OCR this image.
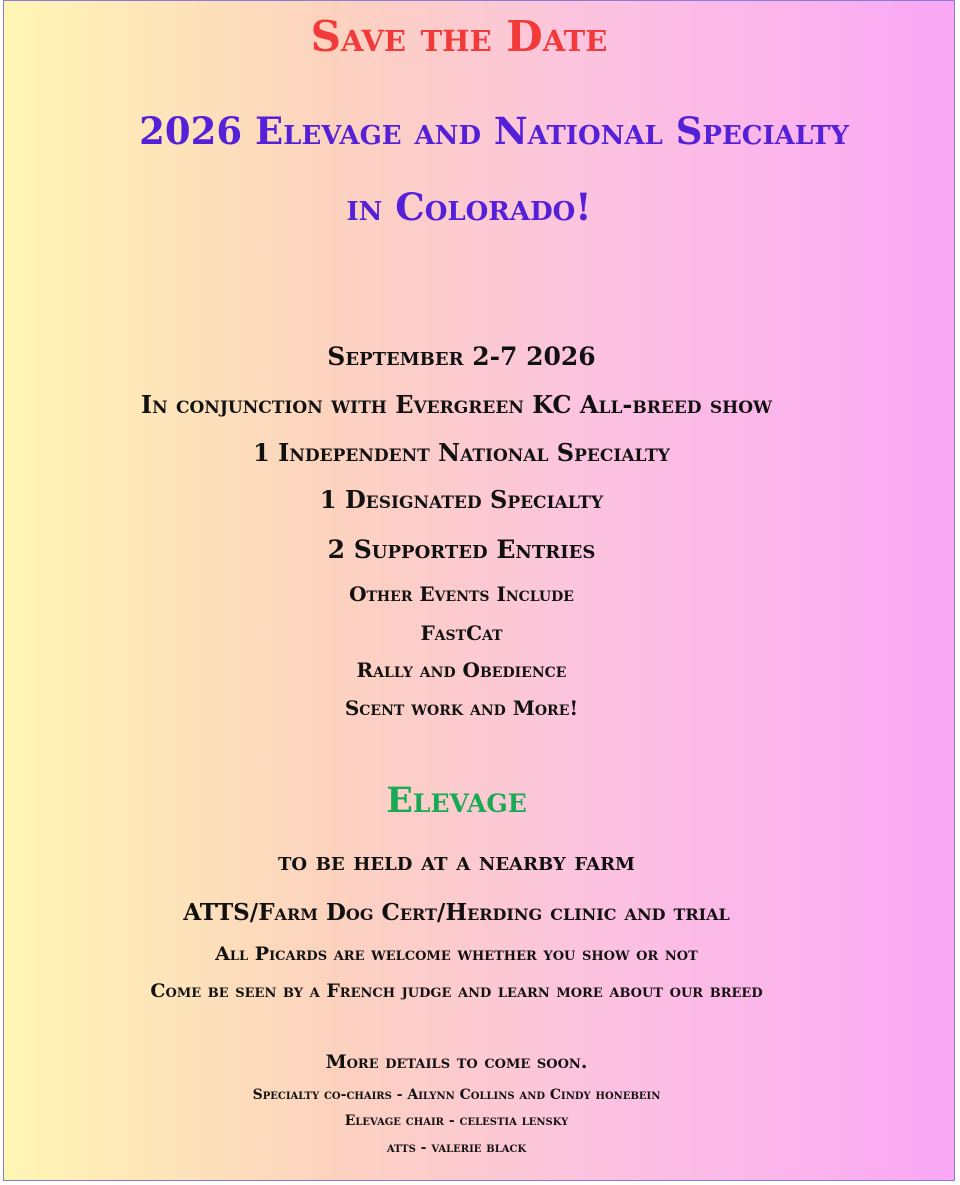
Save the Date
2026 Elevage and National Specialty
in Colorado!
September 2-7 2026
In conjunction with Evergreen KC All-breed show
1 Independent National Specialty
1 Designated Specialty
2 Supported Entries
Other Events Include
FastCat
Rally and Obedience
Scent work and More!
Elevage
to be held at a nearby farm
ATTS/Farm Dog Cert/Herding clinic and trial
All Picards are welcome whether you show or not
Come be seen by a French judge and learn more about our breed
More details to come soon.
Specialty co-chairs - Ailynn Collins and Cindy honebein
Elevage chair - celestia lensky
atts - valerie black
